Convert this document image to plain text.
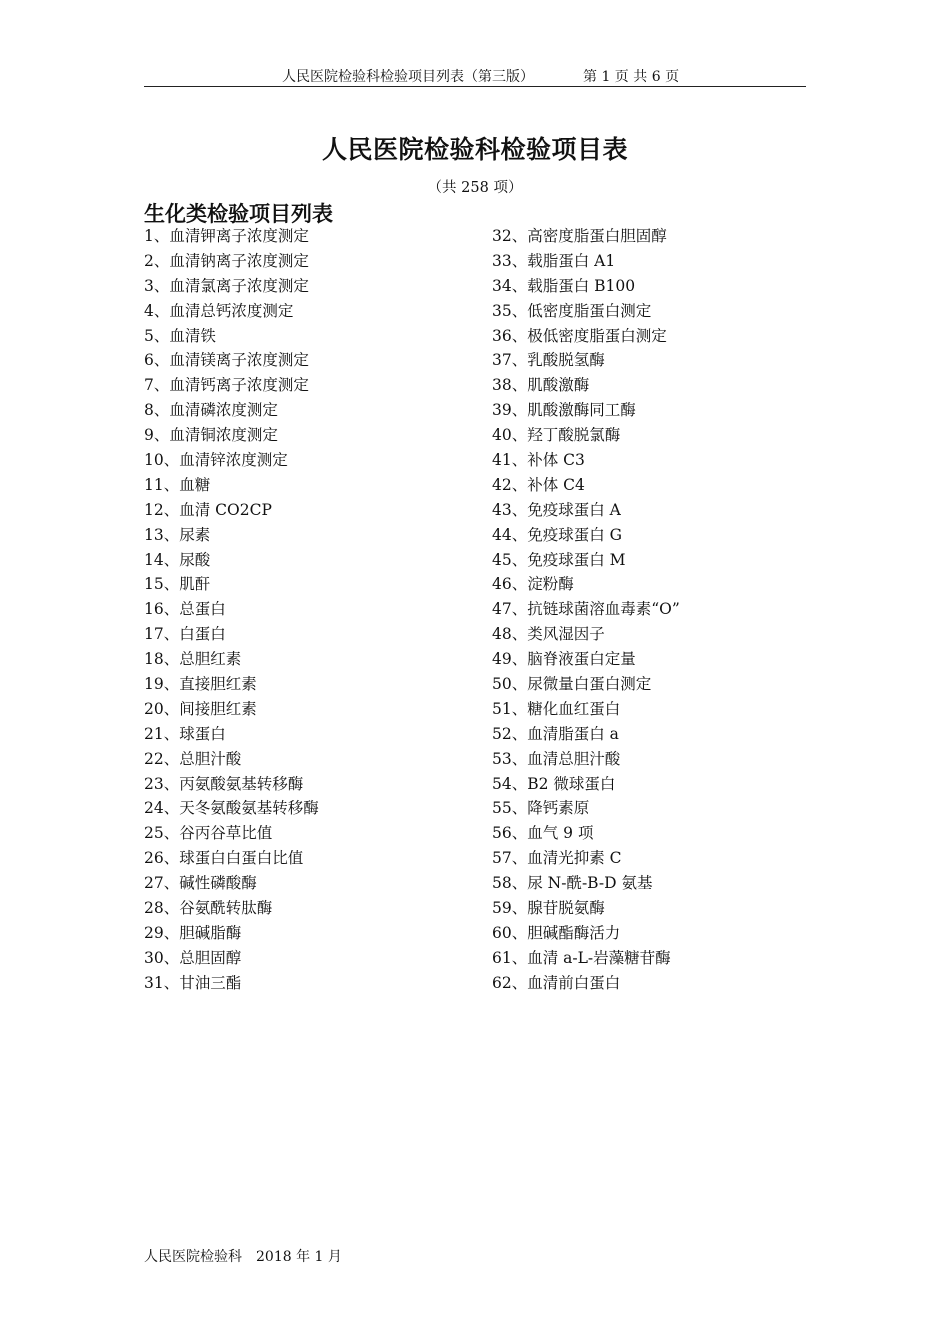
人民医院检验科检验项目列表（第三版）	第 1 页 共 6 页
人民医院检验科检验项目表
（共 258 项）
生化类检验项目列表
1、血清钾离子浓度测定
2、血清钠离子浓度测定
3、血清氯离子浓度测定
4、血清总钙浓度测定
5、血清铁
6、血清镁离子浓度测定
7、血清钙离子浓度测定
8、血清磷浓度测定
9、血清铜浓度测定
10、血清锌浓度测定
11、血糖
12、血清 CO2CP
13、尿素
14、尿酸
15、肌酐
16、总蛋白
17、白蛋白
18、总胆红素
19、直接胆红素
20、间接胆红素
21、球蛋白
22、总胆汁酸
23、丙氨酸氨基转移酶
24、天冬氨酸氨基转移酶
25、谷丙谷草比值
26、球蛋白白蛋白比值
27、碱性磷酸酶
28、谷氨酰转肽酶
29、胆碱脂酶
30、总胆固醇
31、甘油三酯
32、高密度脂蛋白胆固醇
33、载脂蛋白 A1
34、载脂蛋白 B100
35、低密度脂蛋白测定
36、极低密度脂蛋白测定
37、乳酸脱氢酶
38、肌酸激酶
39、肌酸激酶同工酶
40、羟丁酸脱氯酶
41、补体 C3
42、补体 C4
43、免疫球蛋白 A
44、免疫球蛋白 G
45、免疫球蛋白 M
46、淀粉酶
47、抗链球菌溶血毒素“O”
48、类风湿因子
49、脑脊液蛋白定量
50、尿微量白蛋白测定
51、糖化血红蛋白
52、血清脂蛋白 a
53、血清总胆汁酸
54、B2 微球蛋白
55、降钙素原
56、血气 9 项
57、血清光抑素 C
58、尿 N-酰-B-D 氨基
59、腺苷脱氨酶
60、胆碱酯酶活力
61、血清 a-L-岩藻糖苷酶
62、血清前白蛋白
人民医院检验科　2018 年 1 月
